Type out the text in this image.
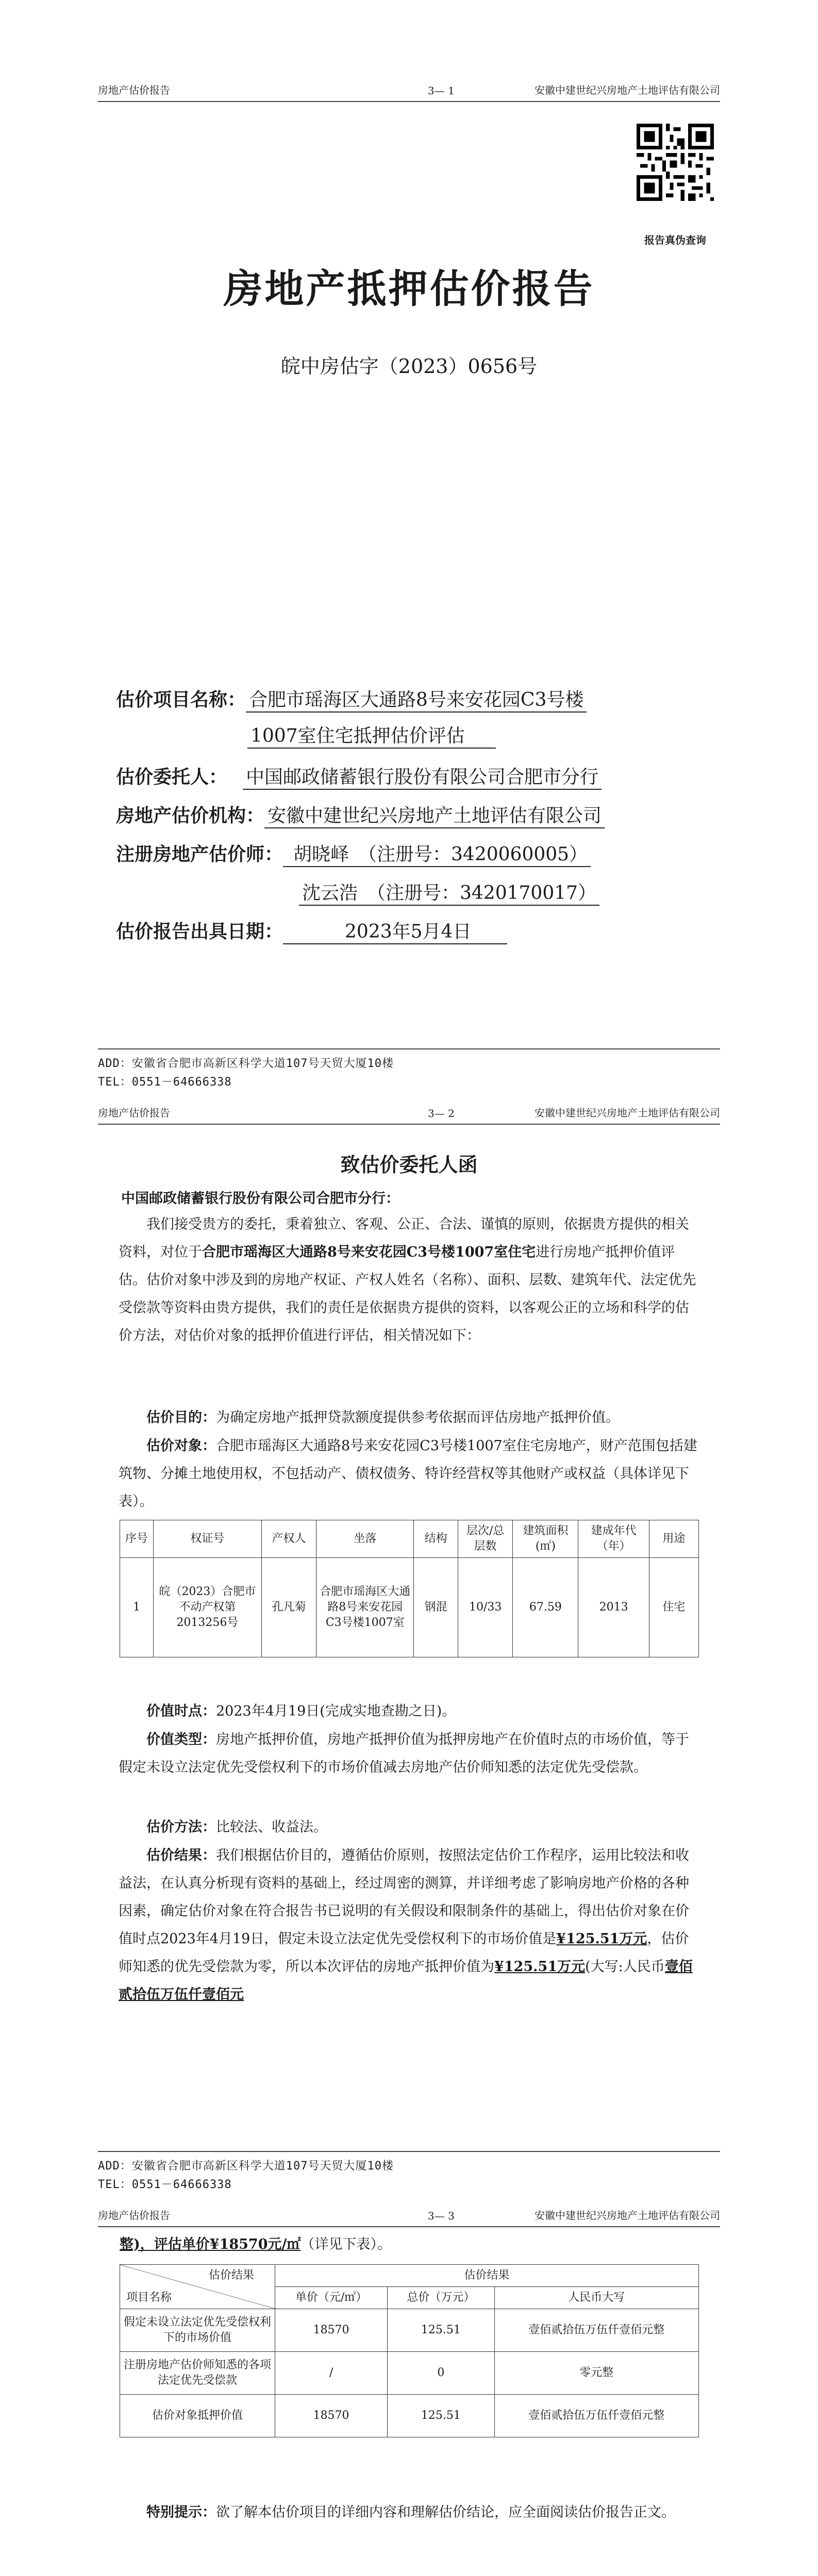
房地产估价报告	3— 1	安徽中建世纪兴房地产土地评估有限公司
报告真伪查询
房地产抵押估价报告
皖中房估字（2023）0656号
估价项目名称： 合肥市瑶海区大通路8号来安花园C3号楼
1007室住宅抵押估价评估
估价委托人： 中国邮政储蓄银行股份有限公司合肥市分行
房地产估价机构： 安徽中建世纪兴房地产土地评估有限公司
注册房地产估价师： 胡晓峄　（注册号：3420060005）
沈云浩　（注册号：3420170017）
估价报告出具日期：	2023年5月4日
ADD：安徽省合肥市高新区科学大道107号天贸大厦10楼
TEL：0551－64666338
房地产估价报告	3— 2	安徽中建世纪兴房地产土地评估有限公司
致估价委托人函
中国邮政储蓄银行股份有限公司合肥市分行：
我们接受贵方的委托，秉着独立、客观、公正、合法、谨慎的原则，依据贵方提供的相关资料，对位于合肥市瑶海区大通路8号来安花园C3号楼1007室住宅进行房地产抵押价值评估。估价对象中涉及到的房地产权证、产权人姓名（名称）、面积、层数、建筑年代、法定优先受偿款等资料由贵方提供，我们的责任是依据贵方提供的资料，以客观公正的立场和科学的估价方法，对估价对象的抵押价值进行评估，相关情况如下：
估价目的：为确定房地产抵押贷款额度提供参考依据而评估房地产抵押价值。
估价对象：合肥市瑶海区大通路8号来安花园C3号楼1007室住宅房地产，财产范围包括建筑物、分摊土地使用权，不包括动产、债权债务、特许经营权等其他财产或权益（具体详见下表）。
序号	权证号	产权人	坐落	结构	层次/总层数	建筑面积(㎡)	建成年代（年）	用途
1	皖（2023）合肥市不动产权第2013256号	孔凡菊	合肥市瑶海区大通路8号来安花园C3号楼1007室	钢混	10/33	67.59	2013	住宅
价值时点：2023年4月19日(完成实地查勘之日)。
价值类型：房地产抵押价值，房地产抵押价值为抵押房地产在价值时点的市场价值，等于假定未设立法定优先受偿权利下的市场价值减去房地产估价师知悉的法定优先受偿款。
估价方法：比较法、收益法。
估价结果：我们根据估价目的，遵循估价原则，按照法定估价工作程序，运用比较法和收益法，在认真分析现有资料的基础上，经过周密的测算，并详细考虑了影响房地产价格的各种因素，确定估价对象在符合报告书已说明的有关假设和限制条件的基础上，得出估价对象在价值时点2023年4月19日，假定未设立法定优先受偿权利下的市场价值是¥125.51万元，估价师知悉的优先受偿款为零，所以本次评估的房地产抵押价值为¥125.51万元(大写:人民币壹佰贰拾伍万伍仟壹佰元
ADD：安徽省合肥市高新区科学大道107号天贸大厦10楼
TEL：0551－64666338
房地产估价报告	3— 3	安徽中建世纪兴房地产土地评估有限公司
整)，评估单价¥18570元/㎡（详见下表）。
估价结果
项目名称	估价结果		
	单价（元/㎡）	总价（万元）	人民币大写
假定未设立法定优先受偿权利下的市场价值	18570	125.51	壹佰贰拾伍万伍仟壹佰元整
注册房地产估价师知悉的各项法定优先受偿款	/	0	零元整
估价对象抵押价值	18570	125.51	壹佰贰拾伍万伍仟壹佰元整
特别提示：欲了解本估价项目的详细内容和理解估价结论，应全面阅读估价报告正文。
